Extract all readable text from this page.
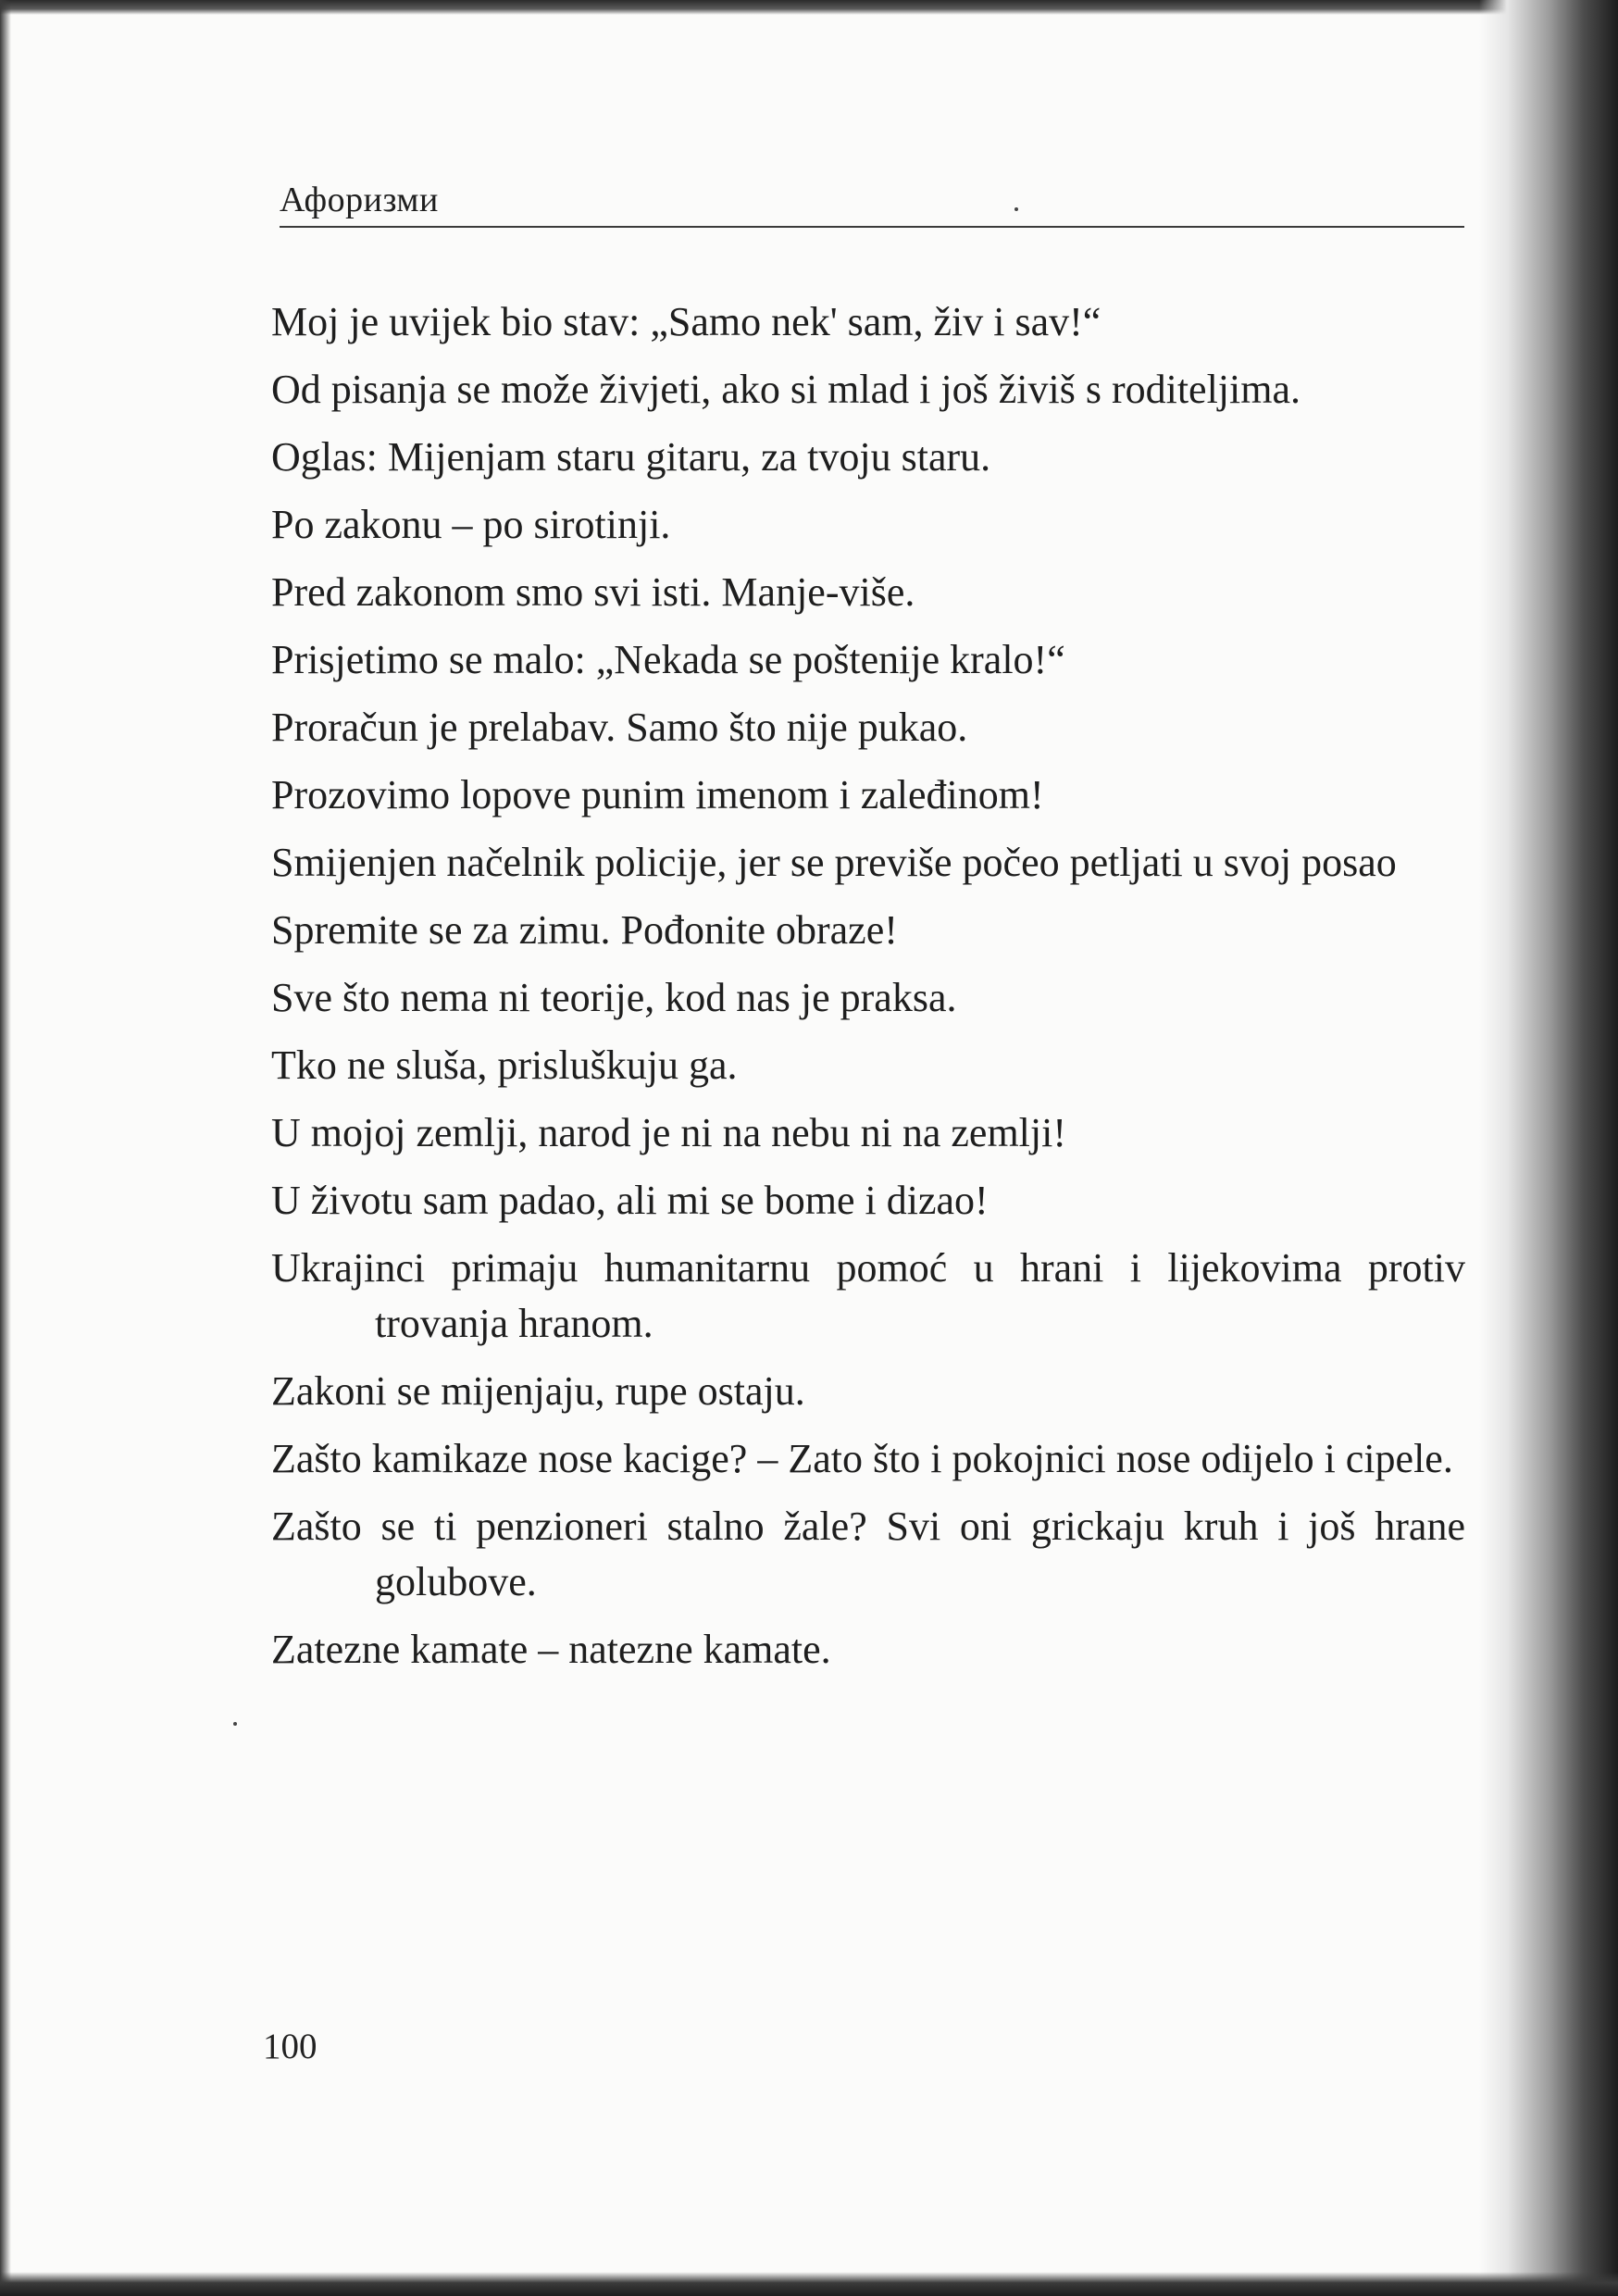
Афоризми
Moj je uvijek bio stav: „Samo nek' sam, živ i sav!“
Od pisanja se može živjeti, ako si mlad i još živiš s roditeljima.
Oglas: Mijenjam staru gitaru, za tvoju staru.
Po zakonu – po sirotinji.
Pred zakonom smo svi isti. Manje-više.
Prisjetimo se malo: „Nekada se poštenije kralo!“
Proračun je prelabav. Samo što nije pukao.
Prozovimo lopove punim imenom i zaleđinom!
Smijenjen načelnik policije, jer se previše počeo petljati u svoj posao
Spremite se za zimu. Pođonite obraze!
Sve što nema ni teorije, kod nas je praksa.
Tko ne sluša, prisluškuju ga.
U mojoj zemlji, narod je ni na nebu ni na zemlji!
U životu sam padao, ali mi se bome i dizao!
Ukrajinci primaju humanitarnu pomoć u hrani i lijekovima protiv trovanja hranom.
Zakoni se mijenjaju, rupe ostaju.
Zašto kamikaze nose kacige? – Zato što i pokojnici nose odijelo i cipele.
Zašto se ti penzioneri stalno žale? Svi oni grickaju kruh i još hrane golubove.
Zatezne kamate – natezne kamate.
100
